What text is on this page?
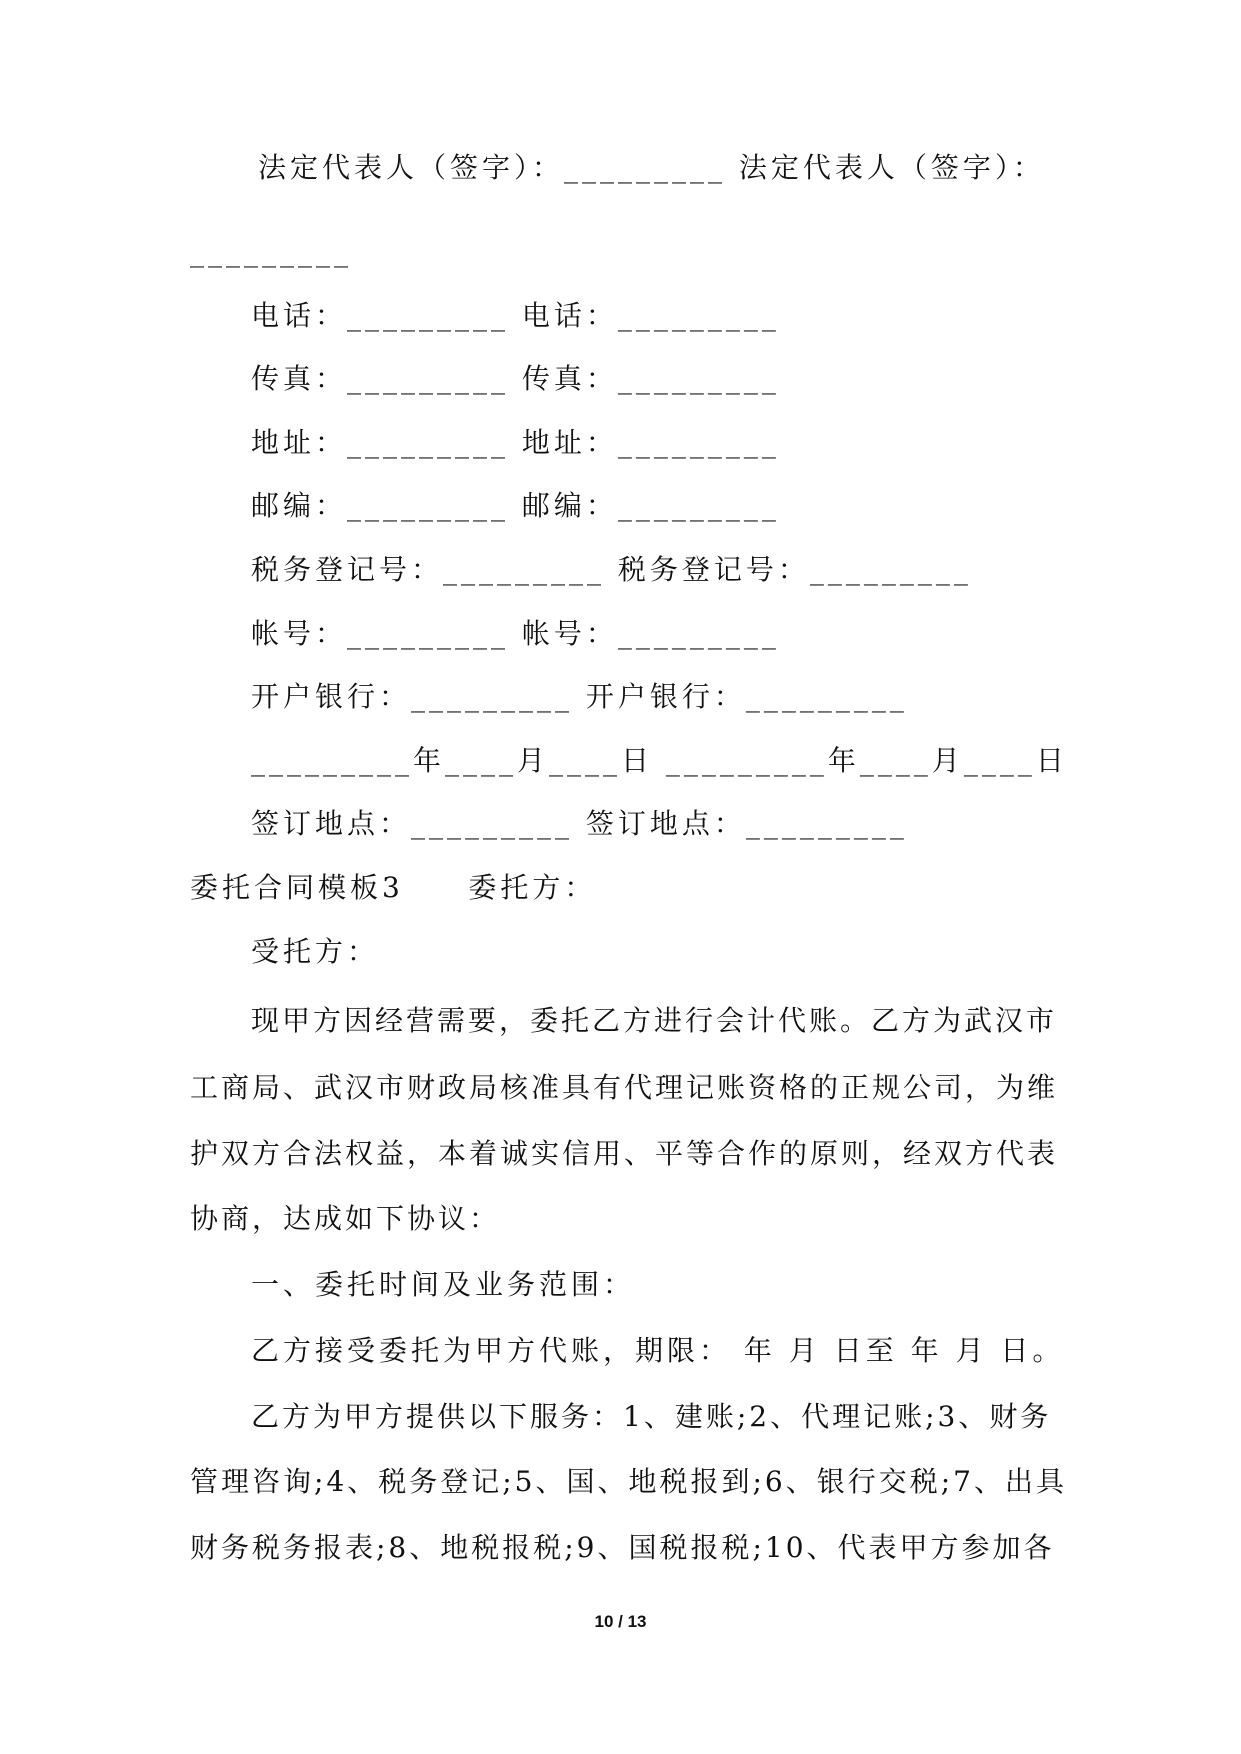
法定代表人（签字）：_________ 法定代表人（签字）：
_________
电话：_________ 电话：_________
传真：_________ 传真：_________
地址：_________ 地址：_________
邮编：_________ 邮编：_________
税务登记号：_________ 税务登记号：_________
帐号：_________ 帐号：_________
开户银行：_________ 开户银行：_________
_________年____月____日 _________年____月____日
签订地点：_________ 签订地点：_________
委托合同模板3     委托方：
受托方：
现甲方因经营需要，委托乙方进行会计代账。乙方为武汉市
工商局、武汉市财政局核准具有代理记账资格的正规公司，为维
护双方合法权益，本着诚实信用、平等合作的原则，经双方代表
协商，达成如下协议：
一、委托时间及业务范围：
乙方接受委托为甲方代账，期限： 年 月 日至 年 月 日。
乙方为甲方提供以下服务：1、建账;2、代理记账;3、财务
管理咨询;4、税务登记;5、国、地税报到;6、银行交税;7、出具
财务税务报表;8、地税报税;9、国税报税;10、代表甲方参加各
10 / 13
